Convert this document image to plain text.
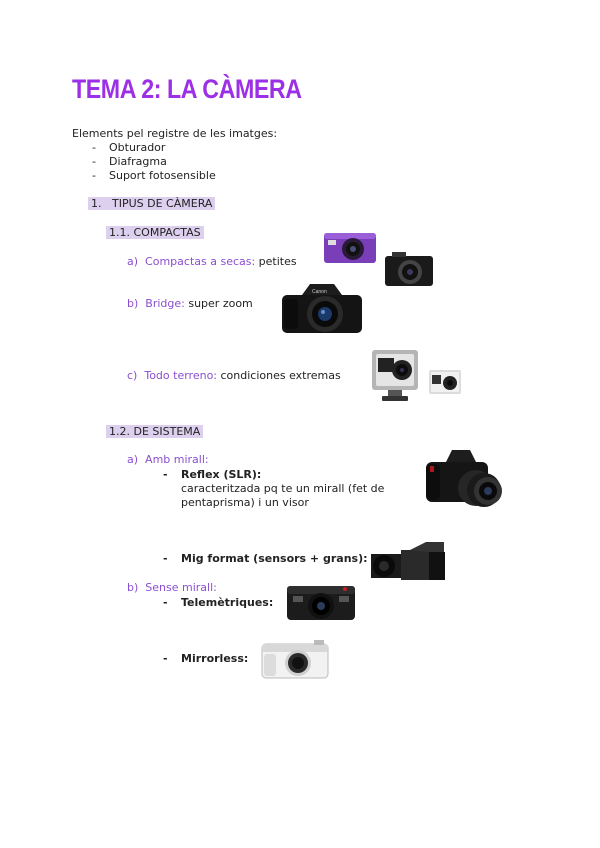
TEMA 2: LA CÀMERA
Elements pel registre de les imatges:
- Obturador
- Diafragma
- Suport fotosensible
1. TIPUS DE CÀMERA
1.1. COMPACTAS
a) Compactas a secas: petites
b) Bridge: super zoom
c) Todo terreno: condiciones extremas
1.2. DE SISTEMA
a) Amb mirall:
- Reflex (SLR):
caracteritzada pq te un mirall (fet de
pentaprisma) i un visor
- Mig format (sensors + grans):
b) Sense mirall:
- Telemètriques:
- Mirrorless:
Canon
